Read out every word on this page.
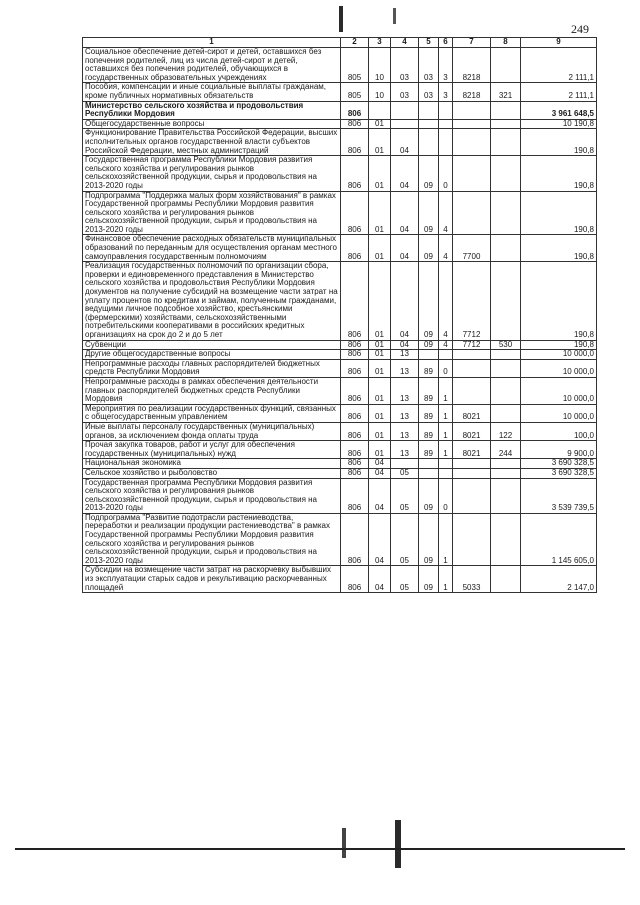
249
1	2	3	4	5	6	7	8	9
Социальное обеспечение детей-сирот и детей, оставшихся без попечения родителей, лиц из числа детей-сирот и детей, оставшихся без попечения родителей, обучающихся в государственных образовательных учреждениях	805	10	03	03	3	8218		2 111,1
Пособия, компенсации и иные социальные выплаты гражданам, кроме публичных нормативных обязательств	805	10	03	03	3	8218	321	2 111,1
Министерство сельского хозяйства и продовольствия Республики Мордовия	806							3 961 648,5
Общегосударственные вопросы	806	01						10 190,8
Функционирование Правительства Российской Федерации, высших исполнительных органов государственной власти субъектов Российской Федерации, местных администраций	806	01	04					190,8
Государственная программа Республики Мордовия развития сельского хозяйства и регулирования рынков сельскохозяйственной продукции, сырья и продовольствия на 2013-2020 годы	806	01	04	09	0			190,8
Подпрограмма "Поддержка малых форм хозяйствования" в рамках Государственной программы Республики Мордовия развития сельского хозяйства и регулирования рынков сельскохозяйственной продукции, сырья и продовольствия на 2013-2020 годы	806	01	04	09	4			190,8
Финансовое обеспечение расходных обязательств муниципальных образований по переданным для осуществления органам местного самоуправления государственным полномочиям	806	01	04	09	4	7700		190,8
Реализация государственных полномочий по организации сбора, проверки и единовременного представления в Министерство сельского хозяйства и продовольствия Республики Мордовия документов на получение субсидий на возмещение части затрат на уплату процентов по кредитам и займам, полученным гражданами, ведущими личное подсобное хозяйство, крестьянскими (фермерскими) хозяйствами, сельскохозяйственными потребительскими кооперативами в российских кредитных организациях на срок до 2 и до 5 лет	806	01	04	09	4	7712		190,8
Субвенции	806	01	04	09	4	7712	530	190,8
Другие общегосударственные вопросы	806	01	13					10 000,0
Непрограммные расходы главных распорядителей бюджетных средств Республики Мордовия	806	01	13	89	0			10 000,0
Непрограммные расходы в рамках обеспечения деятельности главных распорядителей бюджетных средств Республики Мордовия	806	01	13	89	1			10 000,0
Мероприятия по реализации государственных функций, связанных с общегосударственным управлением	806	01	13	89	1	8021		10 000,0
Иные выплаты персоналу государственных (муниципальных) органов, за исключением фонда оплаты труда	806	01	13	89	1	8021	122	100,0
Прочая закупка товаров, работ и услуг для обеспечения государственных (муниципальных) нужд	806	01	13	89	1	8021	244	9 900,0
Национальная экономика	806	04						3 690 328,5
Сельское хозяйство и рыболовство	806	04	05					3 690 328,5
Государственная программа Республики Мордовия развития сельского хозяйства и регулирования рынков сельскохозяйственной продукции, сырья и продовольствия на 2013-2020 годы	806	04	05	09	0			3 539 739,5
Подпрограмма "Развитие подотрасли растениеводства, переработки и реализации продукции растениеводства" в рамках Государственной программы Республики Мордовия развития сельского хозяйства и регулирования рынков сельскохозяйственной продукции, сырья и продовольствия на 2013-2020 годы	806	04	05	09	1			1 145 605,0
Субсидии на возмещение части затрат на раскорчевку выбывших из эксплуатации старых садов и рекультивацию раскорчеванных площадей	806	04	05	09	1	5033		2 147,0
